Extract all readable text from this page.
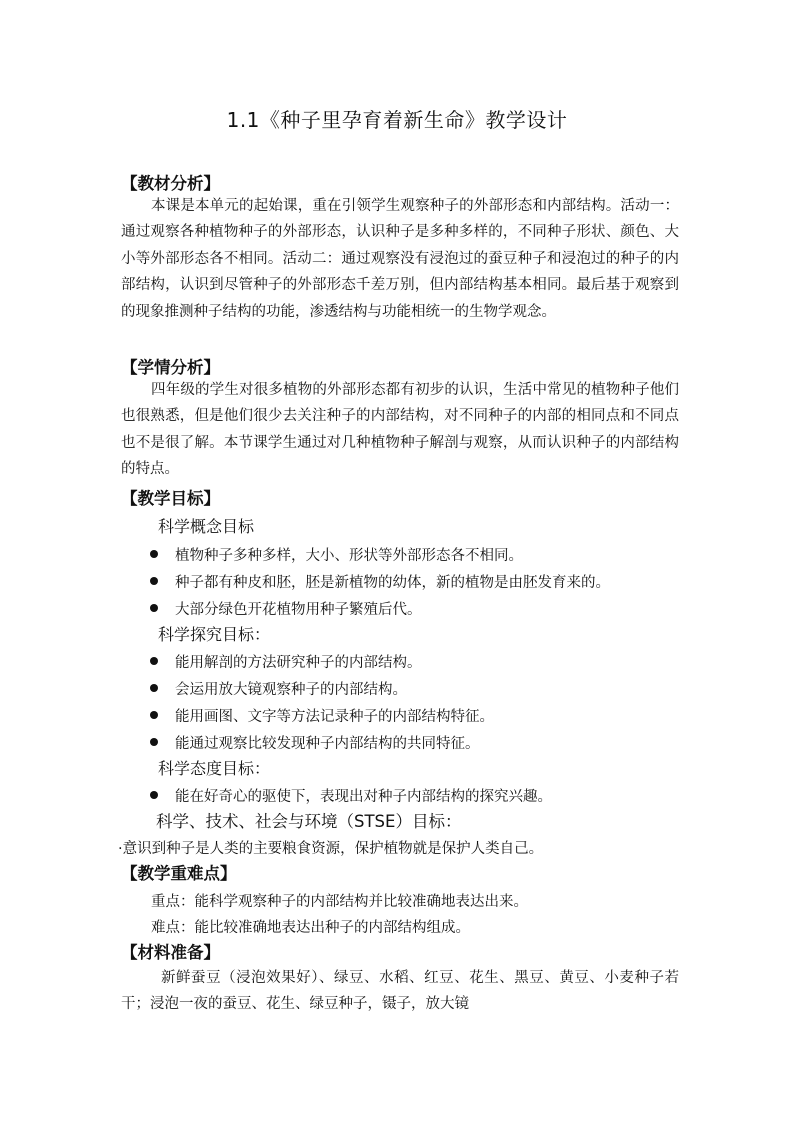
1.1《种子里孕育着新生命》教学设计
【教材分析】
本课是本单元的起始课，重在引领学生观察种子的外部形态和内部结构。活动一：通过观察各种植物种子的外部形态，认识种子是多种多样的，不同种子形状、颜色、大小等外部形态各不相同。活动二：通过观察没有浸泡过的蚕豆种子和浸泡过的种子的内部结构，认识到尽管种子的外部形态千差万别，但内部结构基本相同。最后基于观察到的现象推测种子结构的功能，渗透结构与功能相统一的生物学观念。
【学情分析】
四年级的学生对很多植物的外部形态都有初步的认识，生活中常见的植物种子他们也很熟悉，但是他们很少去关注种子的内部结构，对不同种子的内部的相同点和不同点也不是很了解。本节课学生通过对几种植物种子解剖与观察，从而认识种子的内部结构的特点。
【教学目标】
科学概念目标
植物种子多种多样，大小、形状等外部形态各不相同。
种子都有种皮和胚，胚是新植物的幼体，新的植物是由胚发育来的。
大部分绿色开花植物用种子繁殖后代。
科学探究目标：
能用解剖的方法研究种子的内部结构。
会运用放大镜观察种子的内部结构。
能用画图、文字等方法记录种子的内部结构特征。
能通过观察比较发现种子内部结构的共同特征。
科学态度目标：
能在好奇心的驱使下，表现出对种子内部结构的探究兴趣。
科学、技术、社会与环境（STSE）目标：
·意识到种子是人类的主要粮食资源，保护植物就是保护人类自己。
【教学重难点】
重点：能科学观察种子的内部结构并比较准确地表达出来。
难点：能比较准确地表达出种子的内部结构组成。
【材料准备】
新鲜蚕豆（浸泡效果好）、绿豆、水稻、红豆、花生、黑豆、黄豆、小麦种子若干；浸泡一夜的蚕豆、花生、绿豆种子，镊子，放大镜
